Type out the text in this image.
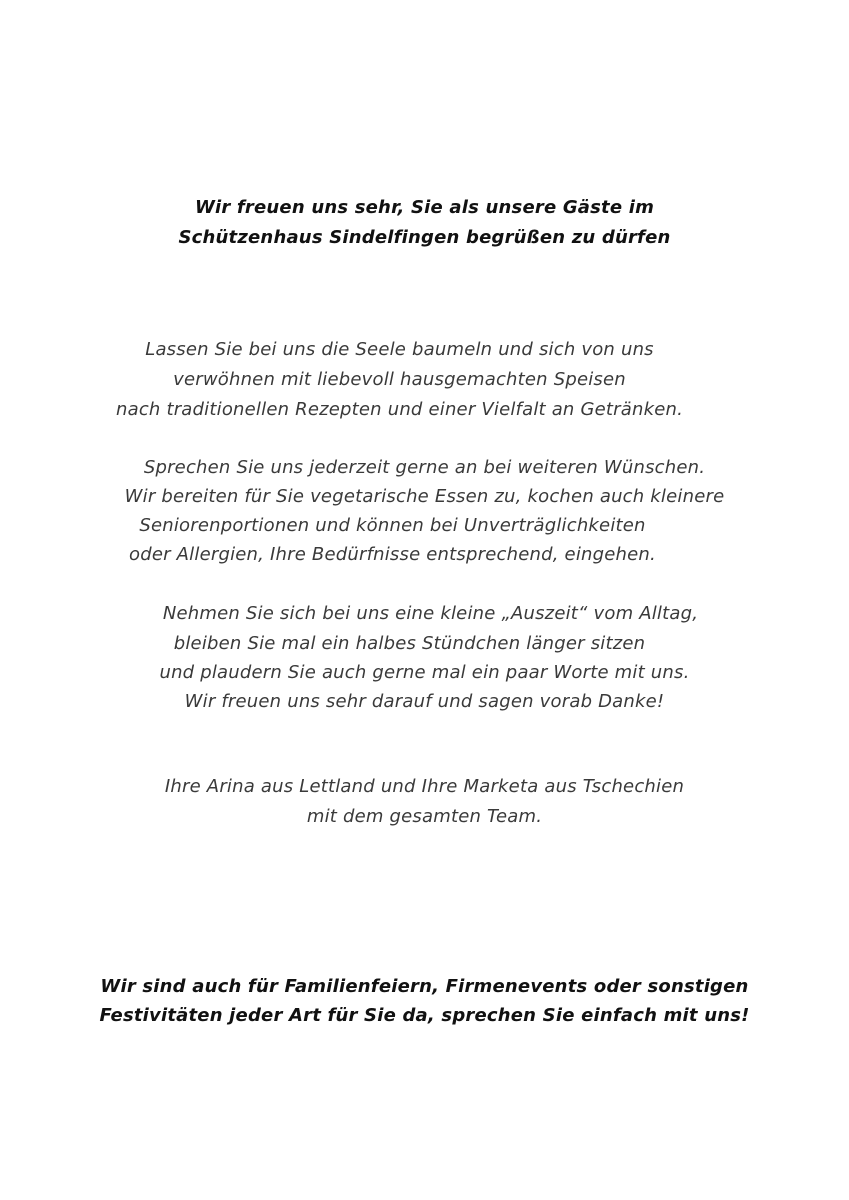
Wir freuen uns sehr, Sie als unsere Gäste im
Schützenhaus Sindelfingen begrüßen zu dürfen
Lassen Sie bei uns die Seele baumeln und sich von uns
verwöhnen mit liebevoll hausgemachten Speisen
nach traditionellen Rezepten und einer Vielfalt an Getränken.
Sprechen Sie uns jederzeit gerne an bei weiteren Wünschen.
Wir bereiten für Sie vegetarische Essen zu, kochen auch kleinere
Seniorenportionen und können bei Unverträglichkeiten
oder Allergien, Ihre Bedürfnisse entsprechend, eingehen.
Nehmen Sie sich bei uns eine kleine „Auszeit“ vom Alltag,
bleiben Sie mal ein halbes Stündchen länger sitzen
und plaudern Sie auch gerne mal ein paar Worte mit uns.
Wir freuen uns sehr darauf und sagen vorab Danke!
Ihre Arina aus Lettland und Ihre Marketa aus Tschechien
mit dem gesamten Team.
Wir sind auch für Familienfeiern, Firmenevents oder sonstigen
Festivitäten jeder Art für Sie da, sprechen Sie einfach mit uns!
